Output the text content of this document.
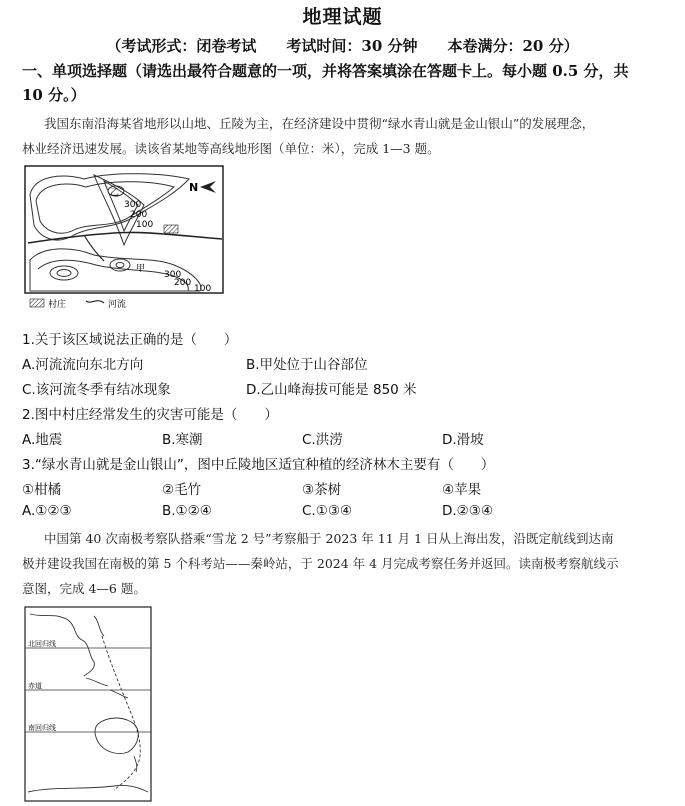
地理试题
（考试形式：闭卷考试　　考试时间：30 分钟　　本卷满分：20 分）
一、单项选择题（请选出最符合题意的一项，并将答案填涂在答题卡上。每小题 0.5 分，共
10 分。）
我国东南沿海某省地形以山地、丘陵为主，在经济建设中贯彻“绿水青山就是金山银山”的发展理念，
林业经济迅速发展。读该省某地等高线地形图（单位：米），完成 1—3 题。
N
300
200
100
乙
甲
300
200
100
村庄	河流
1.关于该区域说法正确的是（　　）
A.河流流向东北方向	B.甲处位于山谷部位
C.该河流冬季有结冰现象	D.乙山峰海拔可能是 850 米
2.图中村庄经常发生的灾害可能是（　　）
A.地震	B.寒潮	C.洪涝	D.滑坡
3.“绿水青山就是金山银山”，图中丘陵地区适宜种植的经济林木主要有（　　）
①柑橘	②毛竹	③茶树	④苹果
A.①②③	B.①②④	C.①③④	D.②③④
中国第 40 次南极考察队搭乘“雪龙 2 号”考察船于 2023 年 11 月 1 日从上海出发，沿既定航线到达南
极并建设我国在南极的第 5 个科考站——秦岭站，于 2024 年 4 月完成考察任务并返回。读南极考察航线示
意图，完成 4—6 题。
北回归线
赤道
南回归线
